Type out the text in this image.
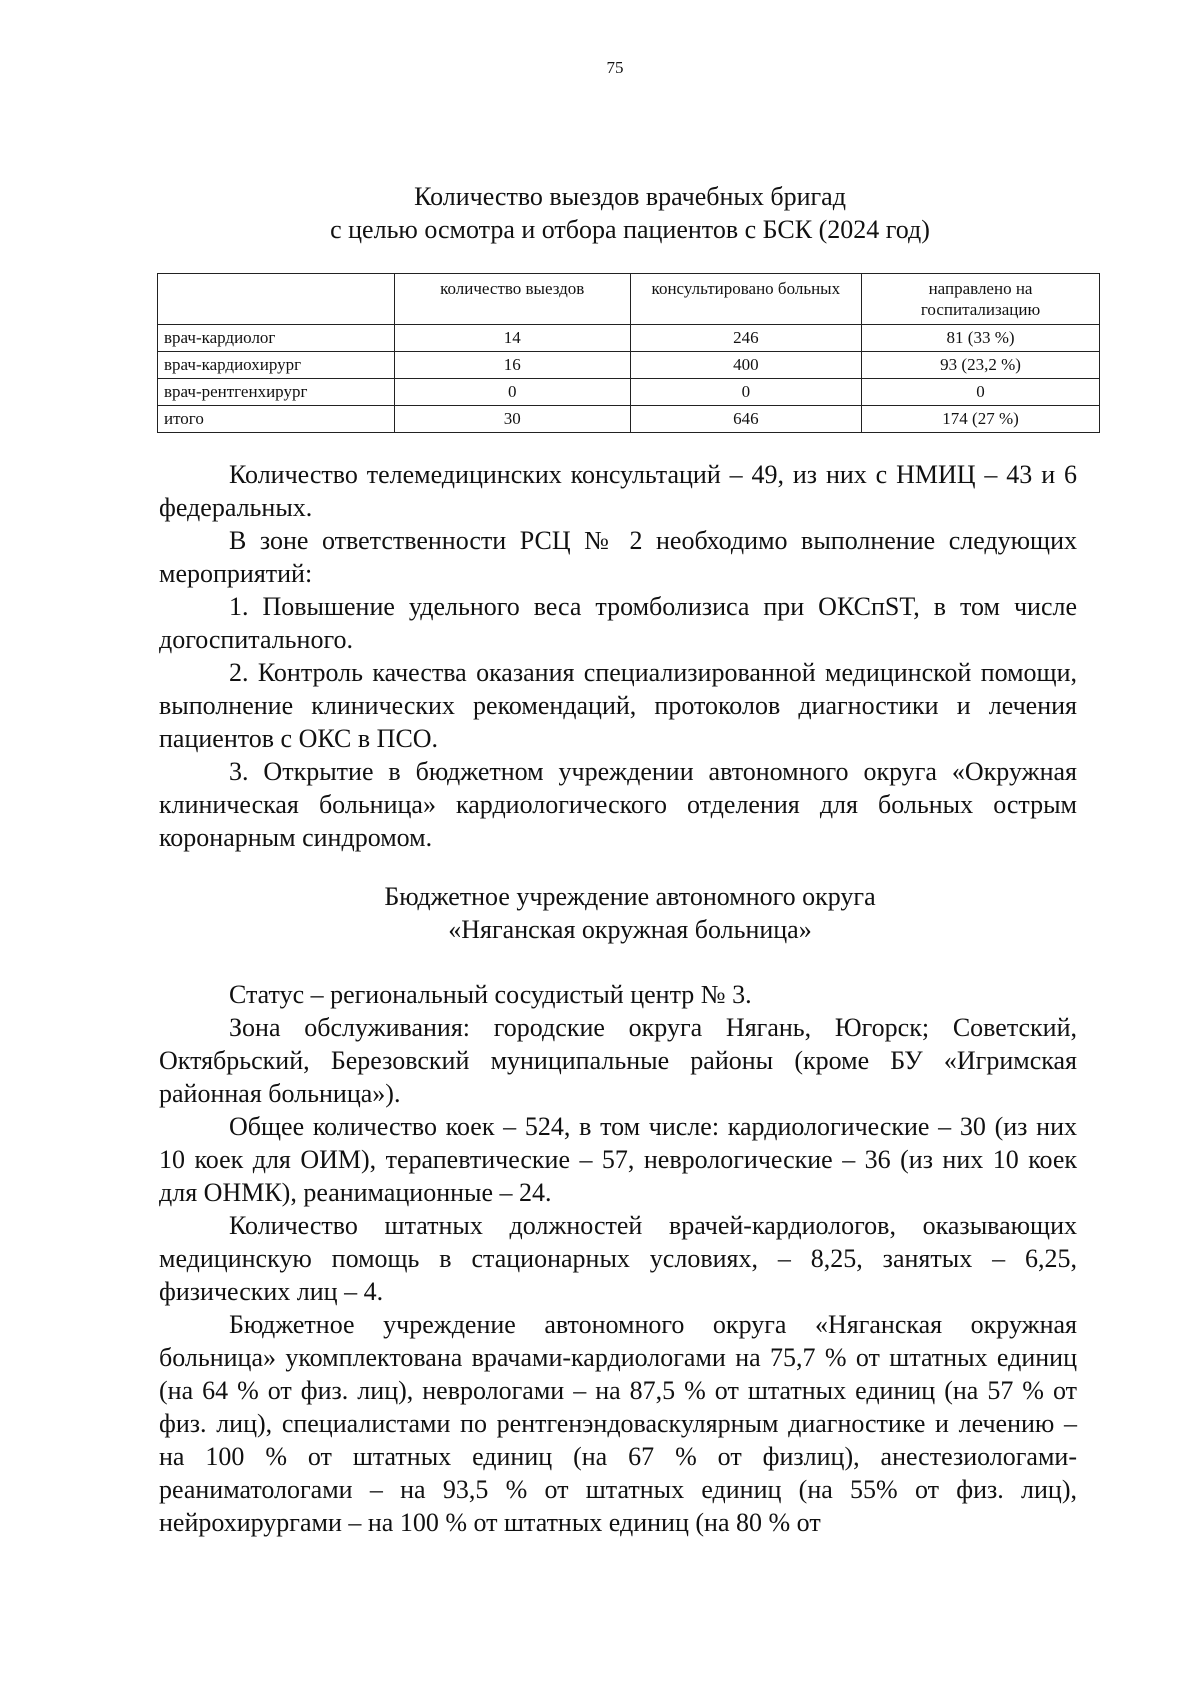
75
Количество выездов врачебных бригад
с целью осмотра и отбора пациентов с БСК (2024 год)
	количество выездов	консультировано больных	направлено на госпитализацию
врач-кардиолог	14	246	81 (33 %)
врач-кардиохирург	16	400	93 (23,2 %)
врач-рентгенхирург	0	0	0
итого	30	646	174 (27 %)

Количество телемедицинских консультаций – 49, из них с НМИЦ – 43 и 6 федеральных.

В зоне ответственности РСЦ № 2 необходимо выполнение следующих мероприятий:

1. Повышение удельного веса тромболизиса при ОКСпST, в том числе догоспитального.

2. Контроль качества оказания специализированной медицинской помощи, выполнение клинических рекомендаций, протоколов диагностики и лечения пациентов с ОКС в ПСО.

3. Открытие в бюджетном учреждении автономного округа «Окружная клиническая больница» кардиологического отделения для больных острым коронарным синдромом.

Бюджетное учреждение автономного округа
«Няганская окружная больница»

Статус – региональный сосудистый центр № 3.

Зона обслуживания: городские округа Нягань, Югорск; Советский, Октябрьский, Березовский муниципальные районы (кроме БУ «Игримская районная больница»).

Общее количество коек – 524, в том числе: кардиологические – 30 (из них 10 коек для ОИМ), терапевтические – 57, неврологические – 36 (из них 10 коек для ОНМК), реанимационные – 24.

Количество штатных должностей врачей-кардиологов, оказывающих медицинскую помощь в стационарных условиях, – 8,25, занятых – 6,25, физических лиц – 4.

Бюджетное учреждение автономного округа «Няганская окружная больница» укомплектована врачами-кардиологами на 75,7 % от штатных единиц (на 64 % от физ. лиц), неврологами – на 87,5 % от штатных единиц (на 57 % от физ. лиц), специалистами по рентгенэндоваскулярным диагностике и лечению – на 100 % от штатных единиц (на 67 % от физлиц), анестезиологами-реаниматологами – на 93,5 % от штатных единиц (на 55% от физ. лиц), нейрохирургами – на 100 % от штатных единиц (на 80 % от
